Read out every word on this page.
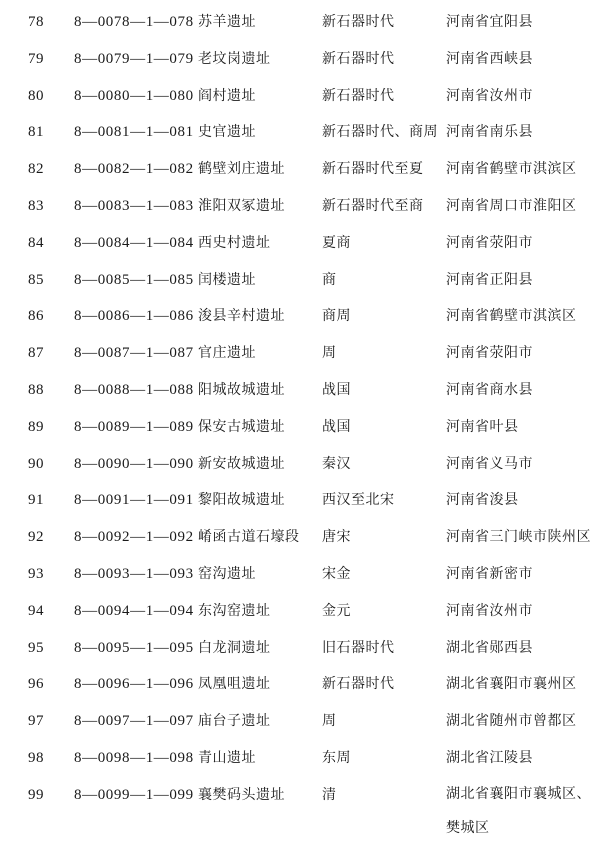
78 8—0078—1—078 苏羊遗址	新石器时代	河南省宜阳县
79 8—0079—1—079 老坟岗遗址	新石器时代	河南省西峡县
80 8—0080—1—080 阎村遗址	新石器时代	河南省汝州市
81 8—0081—1—081 史官遗址	新石器时代、商周 河南省南乐县
82 8—0082—1—082 鹤壁刘庄遗址	新石器时代至夏 河南省鹤壁市淇滨区
83 8—0083—1—083 淮阳双冢遗址	新石器时代至商 河南省周口市淮阳区
84 8—0084—1—084 西史村遗址	夏商	河南省荥阳市
85 8—0085—1—085 闰楼遗址	商	河南省正阳县
86 8—0086—1—086 浚县辛村遗址	商周	河南省鹤壁市淇滨区
87 8—0087—1—087 官庄遗址	周	河南省荥阳市
88 8—0088—1—088 阳城故城遗址	战国	河南省商水县
89 8—0089—1—089 保安古城遗址	战国	河南省叶县
90 8—0090—1—090 新安故城遗址	秦汉	河南省义马市
91 8—0091—1—091 黎阳故城遗址	西汉至北宋	河南省浚县
92 8—0092—1—092 崤函古道石壕段 唐宋	河南省三门峡市陕州区
93 8—0093—1—093 窑沟遗址	宋金	河南省新密市
94 8—0094—1—094 东沟窑遗址	金元	河南省汝州市
95 8—0095—1—095 白龙洞遗址	旧石器时代	湖北省郧西县
96 8—0096—1—096 凤凰咀遗址	新石器时代	湖北省襄阳市襄州区
97 8—0097—1—097 庙台子遗址	周	湖北省随州市曾都区
98 8—0098—1—098 青山遗址	东周	湖北省江陵县
99 8—0099—1—099 襄樊码头遗址	清	湖北省襄阳市襄城区、樊城区
